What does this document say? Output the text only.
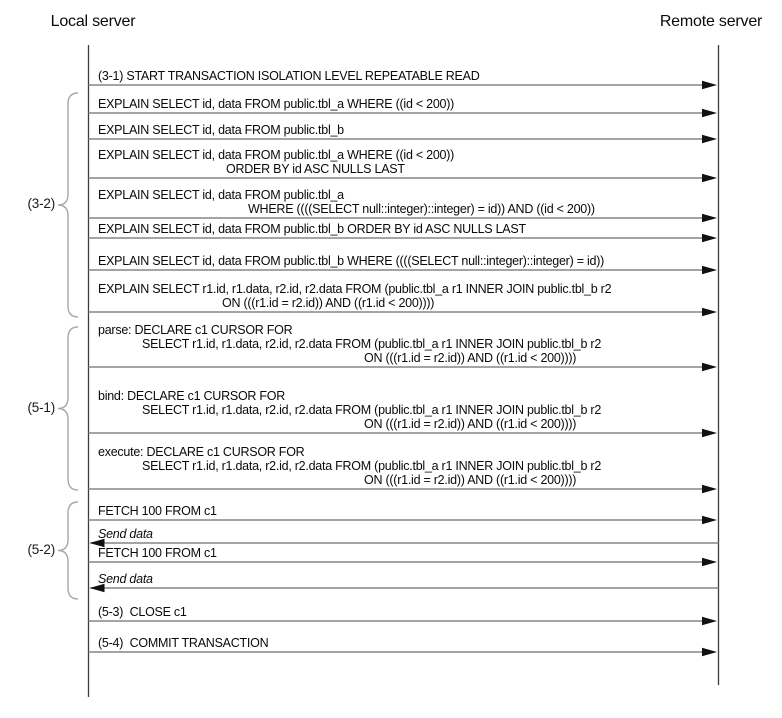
Local server	Remote server
(3-1) START TRANSACTION ISOLATION LEVEL REPEATABLE READ
EXPLAIN SELECT id, data FROM public.tbl_a WHERE ((id < 200))
EXPLAIN SELECT id, data FROM public.tbl_b
EXPLAIN SELECT id, data FROM public.tbl_a WHERE ((id < 200))
ORDER BY id ASC NULLS LAST
EXPLAIN SELECT id, data FROM public.tbl_a
WHERE ((((SELECT null::integer)::integer) = id)) AND ((id < 200))
EXPLAIN SELECT id, data FROM public.tbl_b ORDER BY id ASC NULLS LAST
EXPLAIN SELECT id, data FROM public.tbl_b WHERE ((((SELECT null::integer)::integer) = id))
EXPLAIN SELECT r1.id, r1.data, r2.id, r2.data FROM (public.tbl_a r1 INNER JOIN public.tbl_b r2
ON (((r1.id = r2.id)) AND ((r1.id < 200))))
parse: DECLARE c1 CURSOR FOR
SELECT r1.id, r1.data, r2.id, r2.data FROM (public.tbl_a r1 INNER JOIN public.tbl_b r2
ON (((r1.id = r2.id)) AND ((r1.id < 200))))
bind: DECLARE c1 CURSOR FOR
SELECT r1.id, r1.data, r2.id, r2.data FROM (public.tbl_a r1 INNER JOIN public.tbl_b r2
ON (((r1.id = r2.id)) AND ((r1.id < 200))))
execute: DECLARE c1 CURSOR FOR
SELECT r1.id, r1.data, r2.id, r2.data FROM (public.tbl_a r1 INNER JOIN public.tbl_b r2
ON (((r1.id = r2.id)) AND ((r1.id < 200))))
FETCH 100 FROM c1
Send data
FETCH 100 FROM c1
Send data
(5-3)  CLOSE c1
(5-4)  COMMIT TRANSACTION
(3-2)
(5-1)
(5-2)
